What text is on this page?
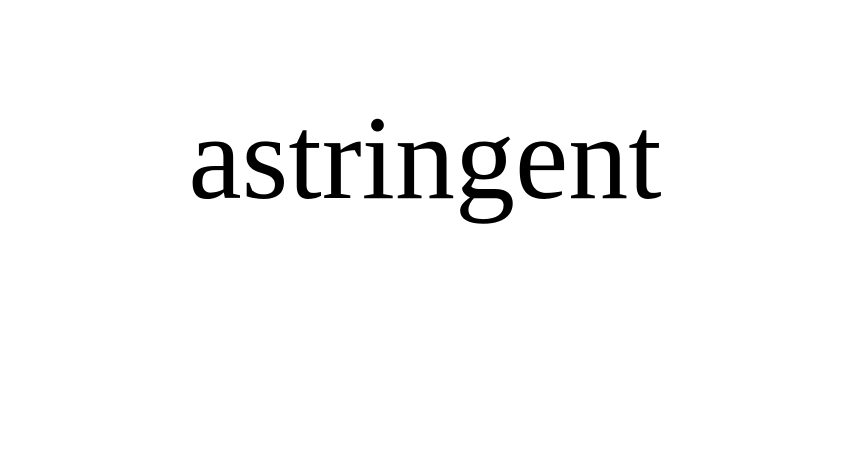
astringent
